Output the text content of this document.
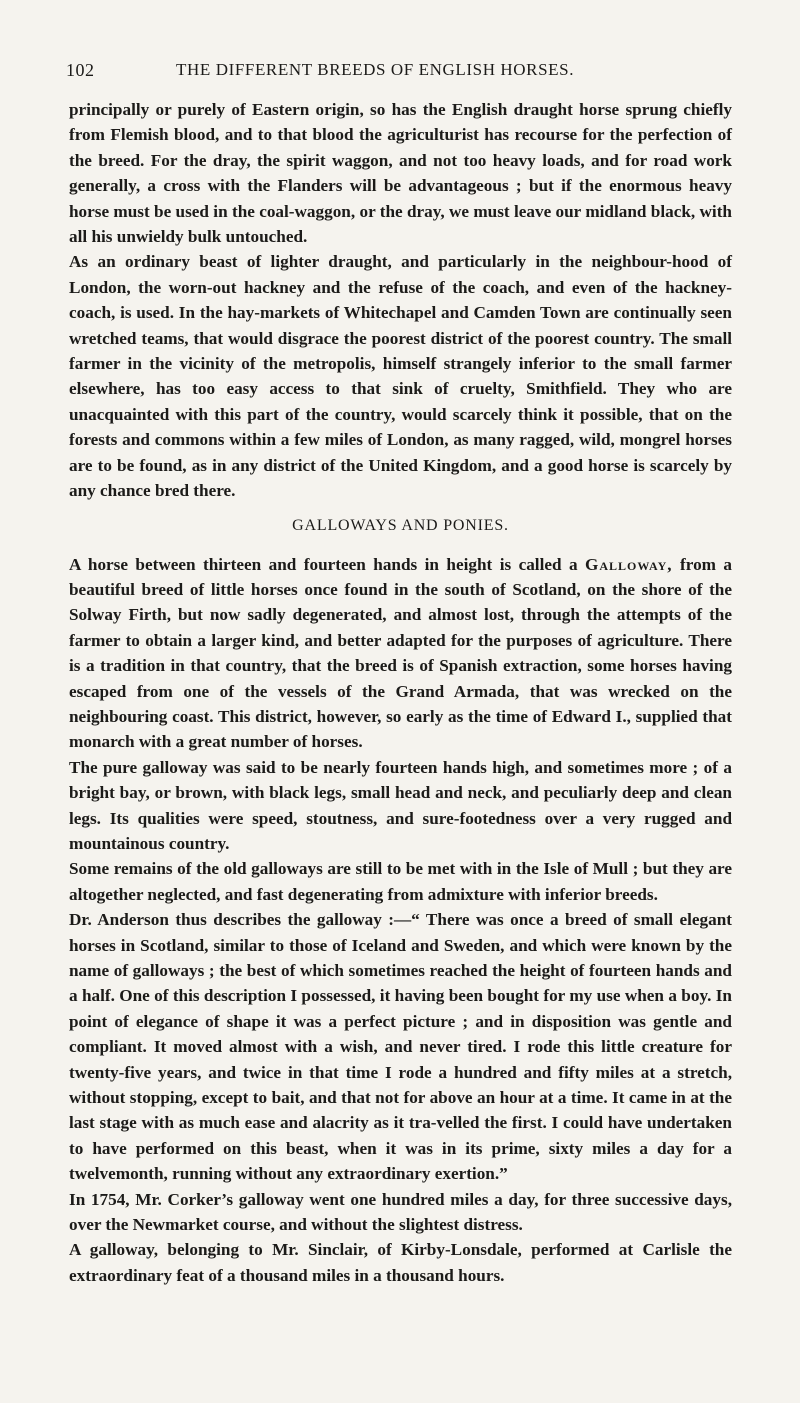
102	THE DIFFERENT BREEDS OF ENGLISH HORSES.

principally or purely of Eastern origin, so has the English draught horse sprung chiefly from Flemish blood, and to that blood the agriculturist has recourse for the perfection of the breed. For the dray, the spirit waggon, and not too heavy loads, and for road work generally, a cross with the Flanders will be advantageous ; but if the enormous heavy horse must be used in the coal-waggon, or the dray, we must leave our midland black, with all his unwieldy bulk untouched.

As an ordinary beast of lighter draught, and particularly in the neighbour-hood of London, the worn-out hackney and the refuse of the coach, and even of the hackney-coach, is used. In the hay-markets of Whitechapel and Camden Town are continually seen wretched teams, that would disgrace the poorest district of the poorest country. The small farmer in the vicinity of the metropolis, himself strangely inferior to the small farmer elsewhere, has too easy access to that sink of cruelty, Smithfield. They who are unacquainted with this part of the country, would scarcely think it possible, that on the forests and commons within a few miles of London, as many ragged, wild, mongrel horses are to be found, as in any district of the United Kingdom, and a good horse is scarcely by any chance bred there.

GALLOWAYS AND PONIES.

A horse between thirteen and fourteen hands in height is called a Galloway, from a beautiful breed of little horses once found in the south of Scotland, on the shore of the Solway Firth, but now sadly degenerated, and almost lost, through the attempts of the farmer to obtain a larger kind, and better adapted for the purposes of agriculture. There is a tradition in that country, that the breed is of Spanish extraction, some horses having escaped from one of the vessels of the Grand Armada, that was wrecked on the neighbouring coast. This district, however, so early as the time of Edward I., supplied that monarch with a great number of horses.

The pure galloway was said to be nearly fourteen hands high, and sometimes more ; of a bright bay, or brown, with black legs, small head and neck, and peculiarly deep and clean legs. Its qualities were speed, stoutness, and sure-footedness over a very rugged and mountainous country.

Some remains of the old galloways are still to be met with in the Isle of Mull ; but they are altogether neglected, and fast degenerating from admixture with inferior breeds.

Dr. Anderson thus describes the galloway :—“ There was once a breed of small elegant horses in Scotland, similar to those of Iceland and Sweden, and which were known by the name of galloways ; the best of which sometimes reached the height of fourteen hands and a half. One of this description I possessed, it having been bought for my use when a boy. In point of elegance of shape it was a perfect picture ; and in disposition was gentle and compliant. It moved almost with a wish, and never tired. I rode this little creature for twenty-five years, and twice in that time I rode a hundred and fifty miles at a stretch, without stopping, except to bait, and that not for above an hour at a time. It came in at the last stage with as much ease and alacrity as it tra-velled the first. I could have undertaken to have performed on this beast, when it was in its prime, sixty miles a day for a twelvemonth, running without any extraordinary exertion.”

In 1754, Mr. Corker’s galloway went one hundred miles a day, for three successive days, over the Newmarket course, and without the slightest distress.

A galloway, belonging to Mr. Sinclair, of Kirby-Lonsdale, performed at Carlisle the extraordinary feat of a thousand miles in a thousand hours.
